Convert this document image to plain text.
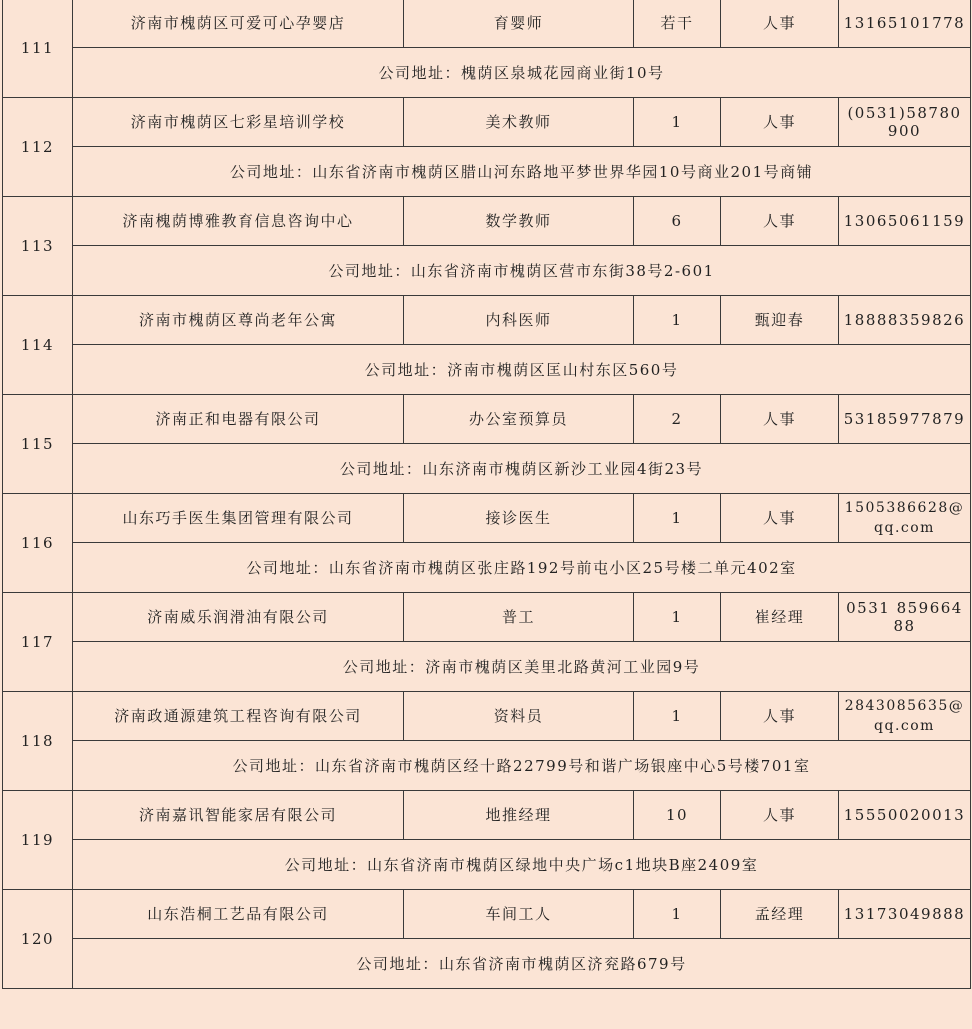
111	济南市槐荫区可爱可心孕婴店	育婴师	若干	人事	13165101778
	公司地址：槐荫区泉城花园商业街10号				
112	济南市槐荫区七彩星培训学校	美术教师	1	人事	(0531)58780900
	公司地址：山东省济南市槐荫区腊山河东路地平梦世界华园10号商业201号商铺				
113	济南槐荫博雅教育信息咨询中心	数学教师	6	人事	13065061159
	公司地址：山东省济南市槐荫区营市东街38号2-601				
114	济南市槐荫区尊尚老年公寓	内科医师	1	甄迎春	18888359826
	公司地址：济南市槐荫区匡山村东区560号				
115	济南正和电器有限公司	办公室预算员	2	人事	53185977879
	公司地址：山东济南市槐荫区新沙工业园4街23号				
116	山东巧手医生集团管理有限公司	接诊医生	1	人事	1505386628@qq.com
	公司地址：山东省济南市槐荫区张庄路192号前屯小区25号楼二单元402室				
117	济南威乐润滑油有限公司	普工	1	崔经理	0531 85966488
	公司地址：济南市槐荫区美里北路黄河工业园9号				
118	济南政通源建筑工程咨询有限公司	资料员	1	人事	2843085635@qq.com
	公司地址：山东省济南市槐荫区经十路22799号和谐广场银座中心5号楼701室				
119	济南嘉讯智能家居有限公司	地推经理	10	人事	15550020013
	公司地址：山东省济南市槐荫区绿地中央广场c1地块B座2409室				
120	山东浩桐工艺品有限公司	车间工人	1	孟经理	13173049888
	公司地址：山东省济南市槐荫区济兖路679号				
